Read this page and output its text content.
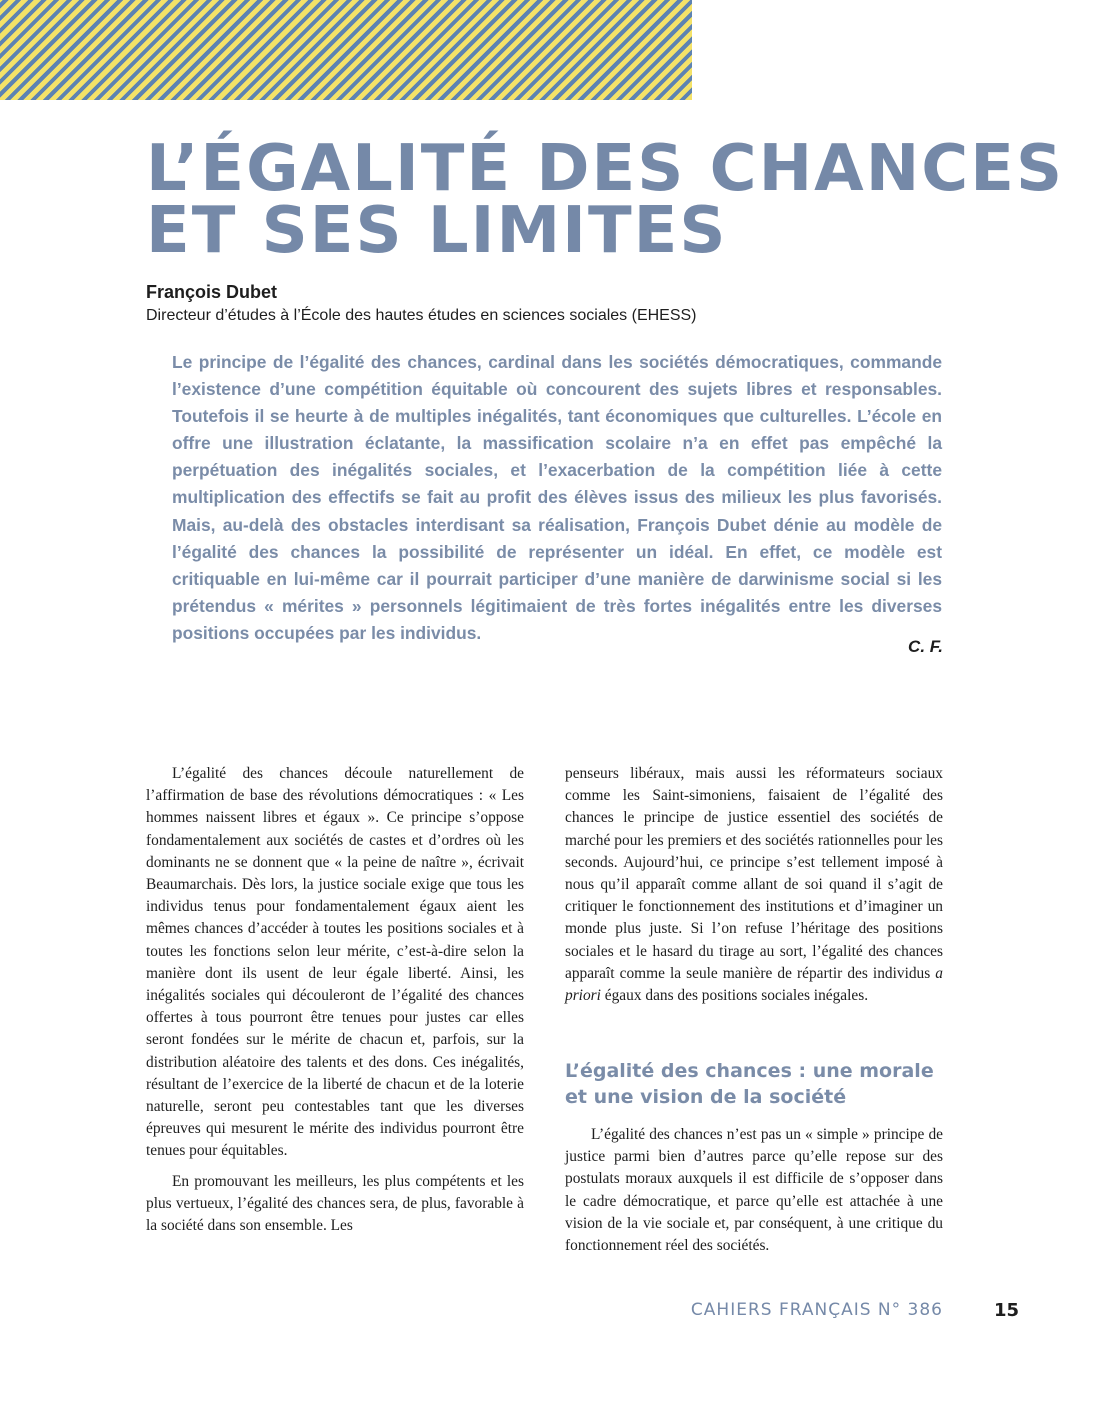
L’ÉGALITÉ DES CHANCES
ET SES LIMITES
François Dubet
Directeur d’études à l’École des hautes études en sciences sociales (EHESS)

Le principe de l’égalité des chances, cardinal dans les sociétés démocratiques, commande l’existence d’une compétition équitable où concourent des sujets libres et responsables. Toutefois il se heurte à de multiples inégalités, tant économiques que culturelles. L’école en offre une illustration éclatante, la massification scolaire n’a en effet pas empêché la perpétuation des inégalités sociales, et l’exacerbation de la compétition liée à cette multiplication des effectifs se fait au profit des élèves issus des milieux les plus favorisés. Mais, au-delà des obstacles interdisant sa réalisation, François Dubet dénie au modèle de l’égalité des chances la possibilité de représenter un idéal. En effet, ce modèle est critiquable en lui-même car il pourrait participer d’une manière de darwinisme social si les prétendus « mérites » personnels légitimaient de très fortes inégalités entre les diverses positions occupées par les individus.

C. F.

L’égalité des chances découle naturellement de l’affirmation de base des révolutions démocratiques : « Les hommes naissent libres et égaux ». Ce principe s’oppose fondamentalement aux sociétés de castes et d’ordres où les dominants ne se donnent que « la peine de naître », écrivait Beaumarchais. Dès lors, la justice sociale exige que tous les individus tenus pour fondamentalement égaux aient les mêmes chances d’accéder à toutes les positions sociales et à toutes les fonctions selon leur mérite, c’est-à-dire selon la manière dont ils usent de leur égale liberté. Ainsi, les inégalités sociales qui découleront de l’égalité des chances offertes à tous pourront être tenues pour justes car elles seront fondées sur le mérite de chacun et, parfois, sur la distribution aléatoire des talents et des dons. Ces inégalités, résultant de l’exercice de la liberté de chacun et de la loterie naturelle, seront peu contestables tant que les diverses épreuves qui mesurent le mérite des individus pourront être tenues pour équitables.

En promouvant les meilleurs, les plus compétents et les plus vertueux, l’égalité des chances sera, de plus, favorable à la société dans son ensemble. Les

penseurs libéraux, mais aussi les réformateurs sociaux comme les Saint-simoniens, faisaient de l’égalité des chances le principe de justice essentiel des sociétés de marché pour les premiers et des sociétés rationnelles pour les seconds. Aujourd’hui, ce principe s’est tellement imposé à nous qu’il apparaît comme allant de soi quand il s’agit de critiquer le fonctionnement des institutions et d’imaginer un monde plus juste. Si l’on refuse l’héritage des positions sociales et le hasard du tirage au sort, l’égalité des chances apparaît comme la seule manière de répartir des individus a priori égaux dans des positions sociales inégales.

L’égalité des chances : une morale et une vision de la société

L’égalité des chances n’est pas un « simple » principe de justice parmi bien d’autres parce qu’elle repose sur des postulats moraux auxquels il est difficile de s’opposer dans le cadre démocratique, et parce qu’elle est attachée à une vision de la vie sociale et, par conséquent, à une critique du fonctionnement réel des sociétés.

CAHIERS FRANÇAIS N° 386	15
